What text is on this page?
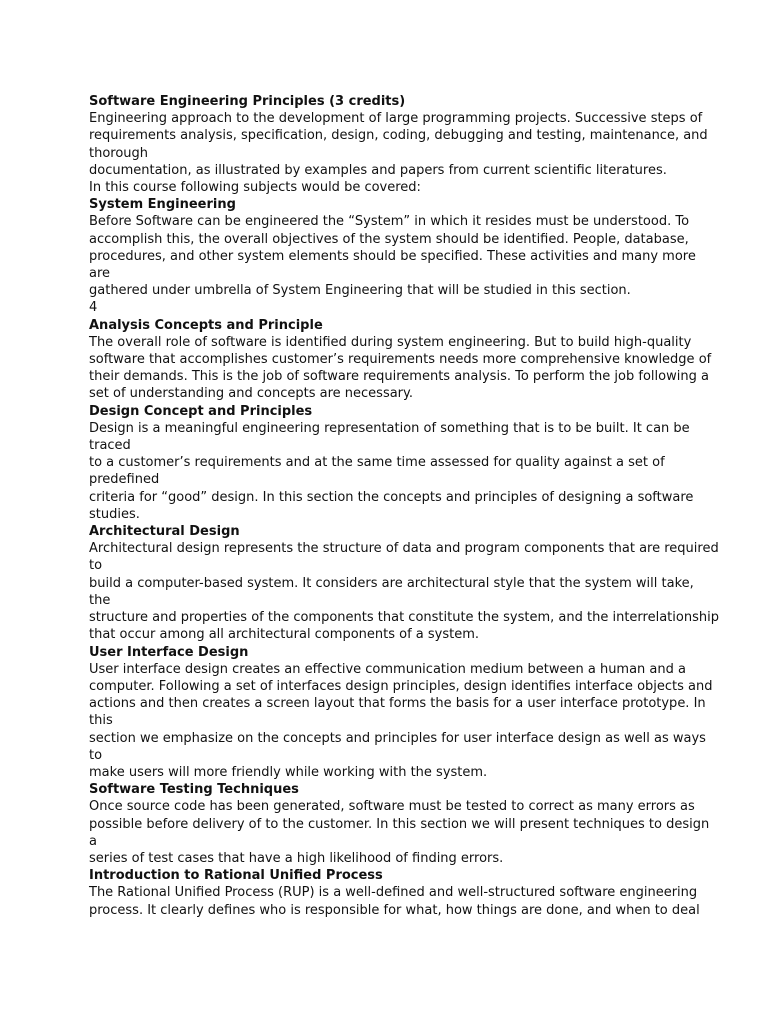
Software Engineering Principles (3 credits)
Engineering approach to the development of large programming projects. Successive steps of
requirements analysis, specification, design, coding, debugging and testing, maintenance, and
thorough
documentation, as illustrated by examples and papers from current scientific literatures.
In this course following subjects would be covered:
System Engineering
Before Software can be engineered the “System” in which it resides must be understood. To
accomplish this, the overall objectives of the system should be identified. People, database,
procedures, and other system elements should be specified. These activities and many more
are
gathered under umbrella of System Engineering that will be studied in this section.
4
Analysis Concepts and Principle
The overall role of software is identified during system engineering. But to build high-quality
software that accomplishes customer’s requirements needs more comprehensive knowledge of
their demands. This is the job of software requirements analysis. To perform the job following a
set of understanding and concepts are necessary.
Design Concept and Principles
Design is a meaningful engineering representation of something that is to be built. It can be
traced
to a customer’s requirements and at the same time assessed for quality against a set of
predefined
criteria for “good” design. In this section the concepts and principles of designing a software
studies.
Architectural Design
Architectural design represents the structure of data and program components that are required
to
build a computer-based system. It considers are architectural style that the system will take,
the
structure and properties of the components that constitute the system, and the interrelationship
that occur among all architectural components of a system.
User Interface Design
User interface design creates an effective communication medium between a human and a
computer. Following a set of interfaces design principles, design identifies interface objects and
actions and then creates a screen layout that forms the basis for a user interface prototype. In
this
section we emphasize on the concepts and principles for user interface design as well as ways
to
make users will more friendly while working with the system.
Software Testing Techniques
Once source code has been generated, software must be tested to correct as many errors as
possible before delivery of to the customer. In this section we will present techniques to design
a
series of test cases that have a high likelihood of finding errors.
Introduction to Rational Unified Process
The Rational Unified Process (RUP) is a well-defined and well-structured software engineering
process. It clearly defines who is responsible for what, how things are done, and when to deal
